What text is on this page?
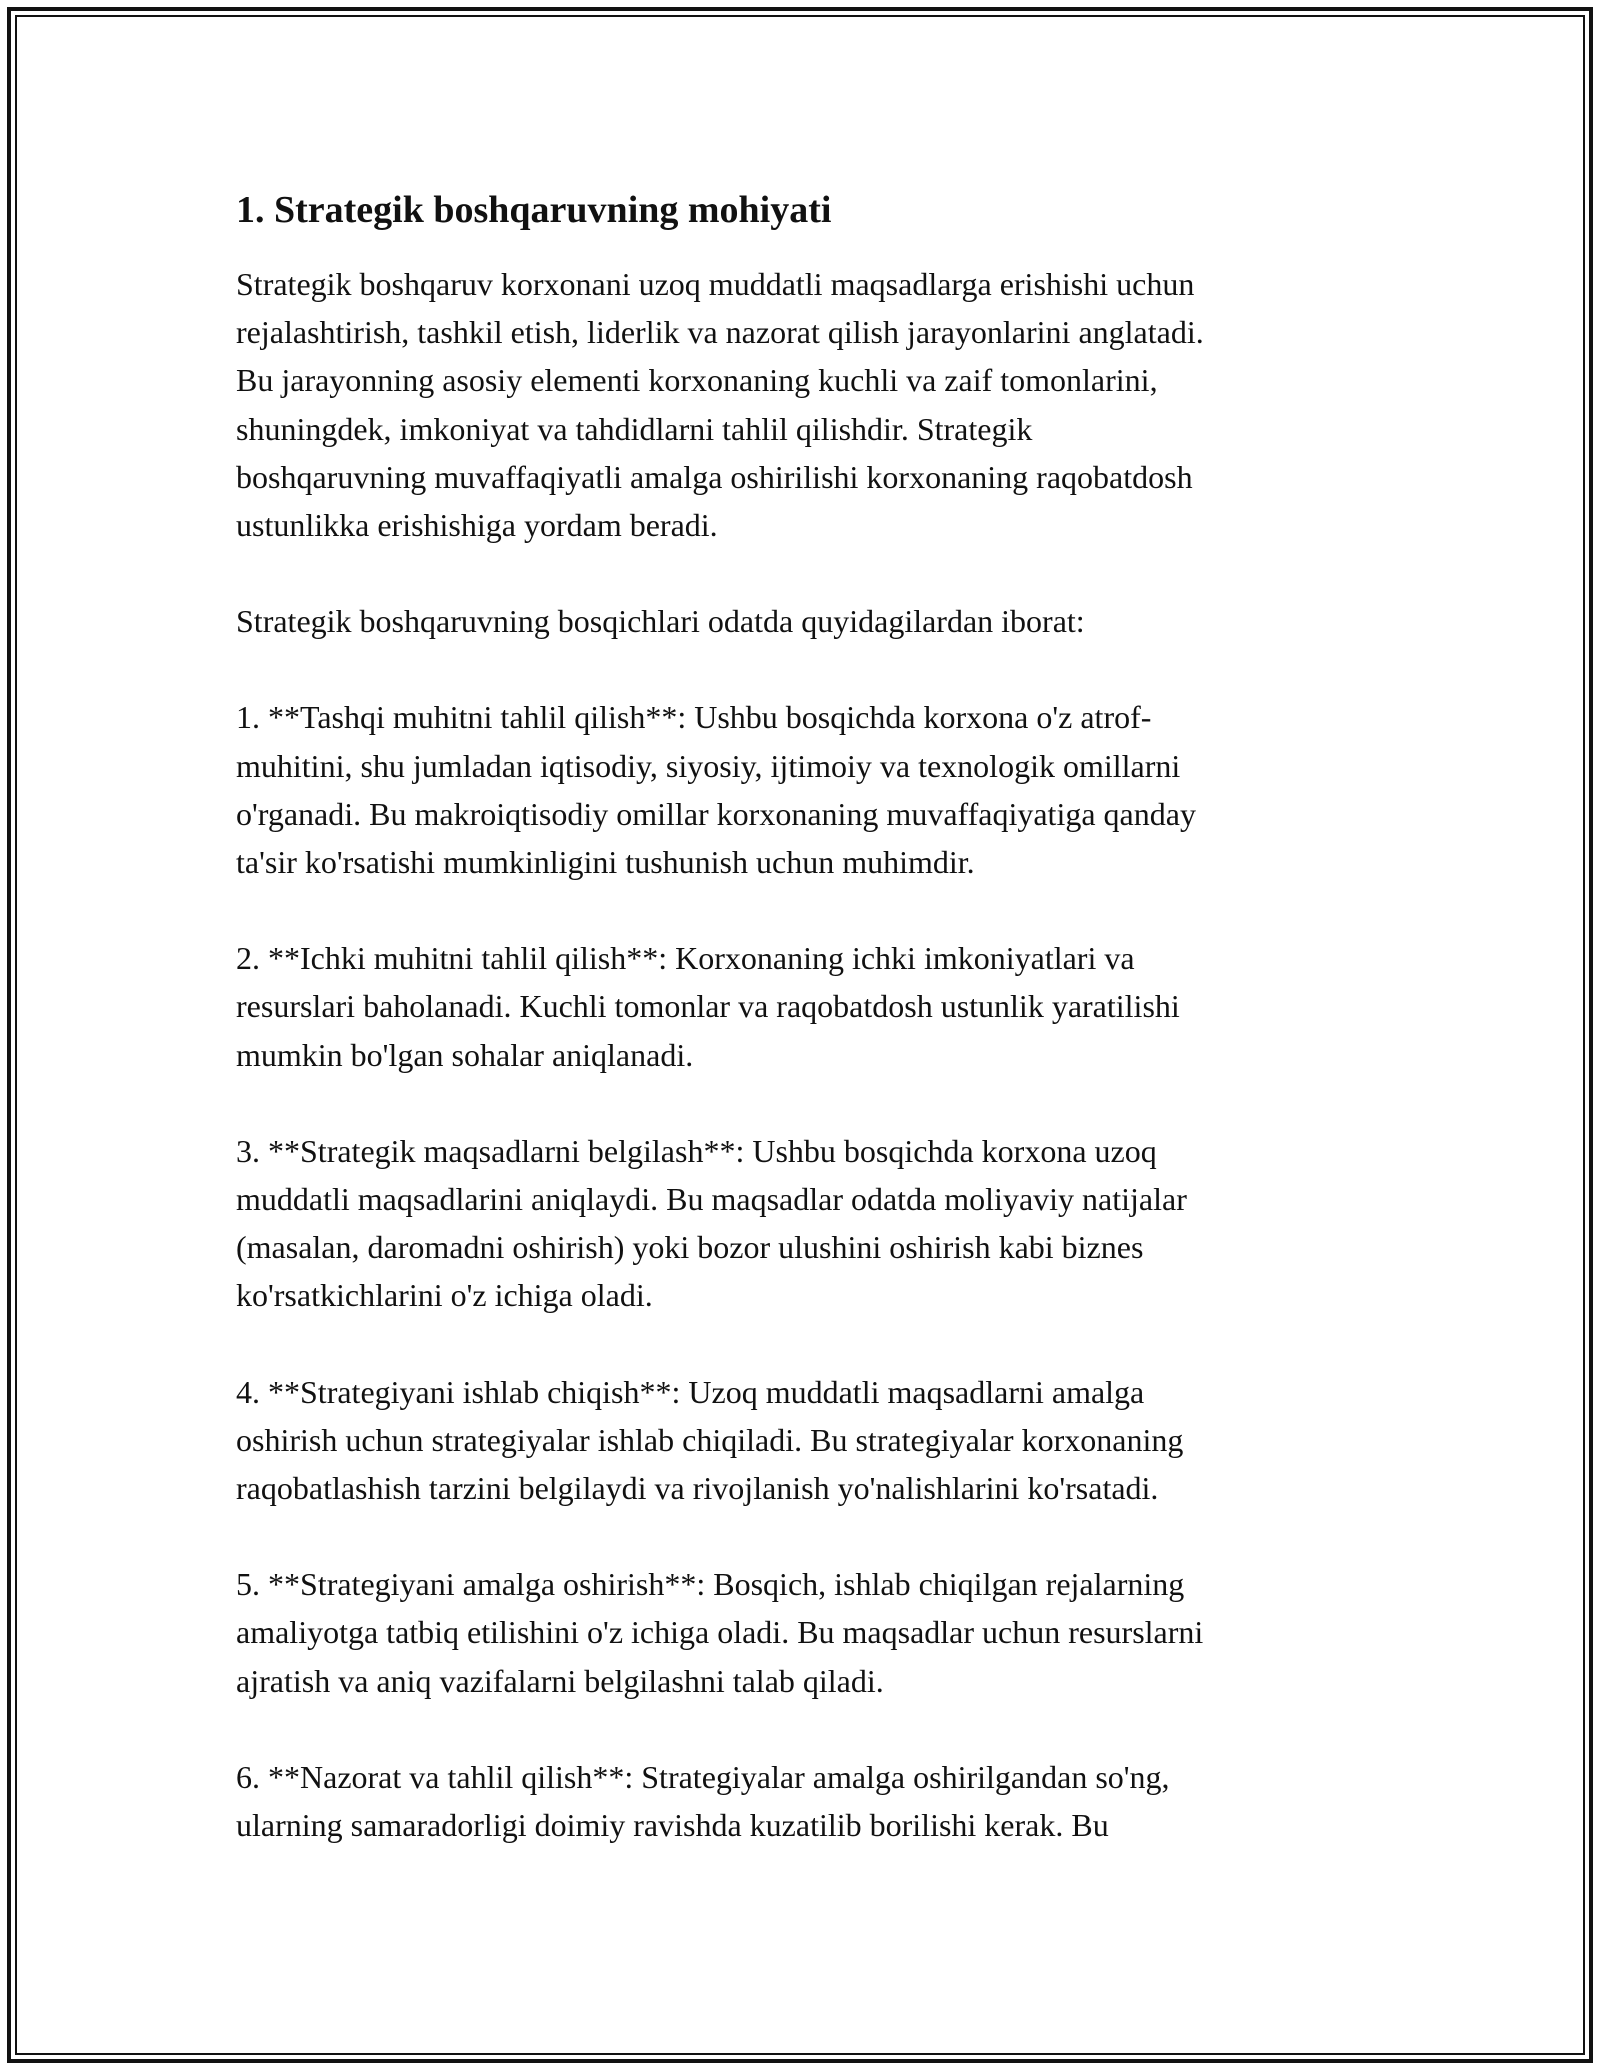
1. Strategik boshqaruvning mohiyati

Strategik boshqaruv korxonani uzoq muddatli maqsadlarga erishishi uchun
rejalashtirish, tashkil etish, liderlik va nazorat qilish jarayonlarini anglatadi.
Bu jarayonning asosiy elementi korxonaning kuchli va zaif tomonlarini,
shuningdek, imkoniyat va tahdidlarni tahlil qilishdir. Strategik
boshqaruvning muvaffaqiyatli amalga oshirilishi korxonaning raqobatdosh
ustunlikka erishishiga yordam beradi.

Strategik boshqaruvning bosqichlari odatda quyidagilardan iborat:

1. **Tashqi muhitni tahlil qilish**: Ushbu bosqichda korxona o'z atrof-
muhitini, shu jumladan iqtisodiy, siyosiy, ijtimoiy va texnologik omillarni
o'rganadi. Bu makroiqtisodiy omillar korxonaning muvaffaqiyatiga qanday
ta'sir ko'rsatishi mumkinligini tushunish uchun muhimdir.

2. **Ichki muhitni tahlil qilish**: Korxonaning ichki imkoniyatlari va
resurslari baholanadi. Kuchli tomonlar va raqobatdosh ustunlik yaratilishi
mumkin bo'lgan sohalar aniqlanadi.

3. **Strategik maqsadlarni belgilash**: Ushbu bosqichda korxona uzoq
muddatli maqsadlarini aniqlaydi. Bu maqsadlar odatda moliyaviy natijalar
(masalan, daromadni oshirish) yoki bozor ulushini oshirish kabi biznes
ko'rsatkichlarini o'z ichiga oladi.

4. **Strategiyani ishlab chiqish**: Uzoq muddatli maqsadlarni amalga
oshirish uchun strategiyalar ishlab chiqiladi. Bu strategiyalar korxonaning
raqobatlashish tarzini belgilaydi va rivojlanish yo'nalishlarini ko'rsatadi.

5. **Strategiyani amalga oshirish**: Bosqich, ishlab chiqilgan rejalarning
amaliyotga tatbiq etilishini o'z ichiga oladi. Bu maqsadlar uchun resurslarni
ajratish va aniq vazifalarni belgilashni talab qiladi.

6. **Nazorat va tahlil qilish**: Strategiyalar amalga oshirilgandan so'ng,
ularning samaradorligi doimiy ravishda kuzatilib borilishi kerak. Bu
